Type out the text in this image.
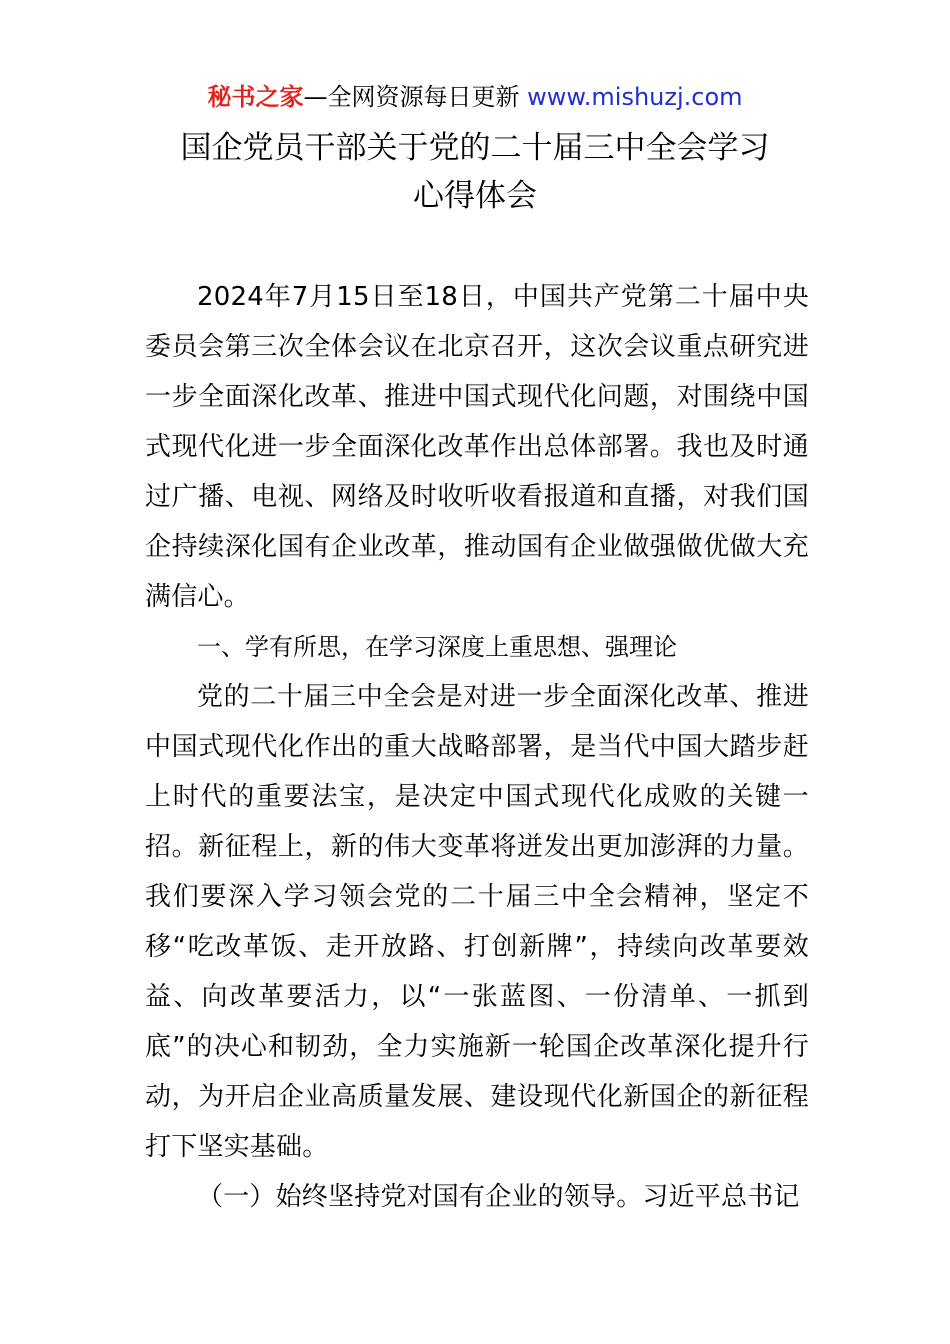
秘书之家—全网资源每日更新 www.mishuzj.com
国企党员干部关于党的二十届三中全会学习
心得体会

2024年7月15日至18日，中国共产党第二十届中央委员会第三次全体会议在北京召开，这次会议重点研究进一步全面深化改革、推进中国式现代化问题，对围绕中国式现代化进一步全面深化改革作出总体部署。我也及时通过广播、电视、网络及时收听收看报道和直播，对我们国企持续深化国有企业改革，推动国有企业做强做优做大充满信心。

一、学有所思，在学习深度上重思想、强理论

党的二十届三中全会是对进一步全面深化改革、推进中国式现代化作出的重大战略部署，是当代中国大踏步赶上时代的重要法宝，是决定中国式现代化成败的关键一招。新征程上，新的伟大变革将迸发出更加澎湃的力量。我们要深入学习领会党的二十届三中全会精神，坚定不移“吃改革饭、走开放路、打创新牌”，持续向改革要效益、向改革要活力，以“一张蓝图、一份清单、一抓到底”的决心和韧劲，全力实施新一轮国企改革深化提升行动，为开启企业高质量发展、建设现代化新国企的新征程打下坚实基础。

（一）始终坚持党对国有企业的领导。习近平总书记
